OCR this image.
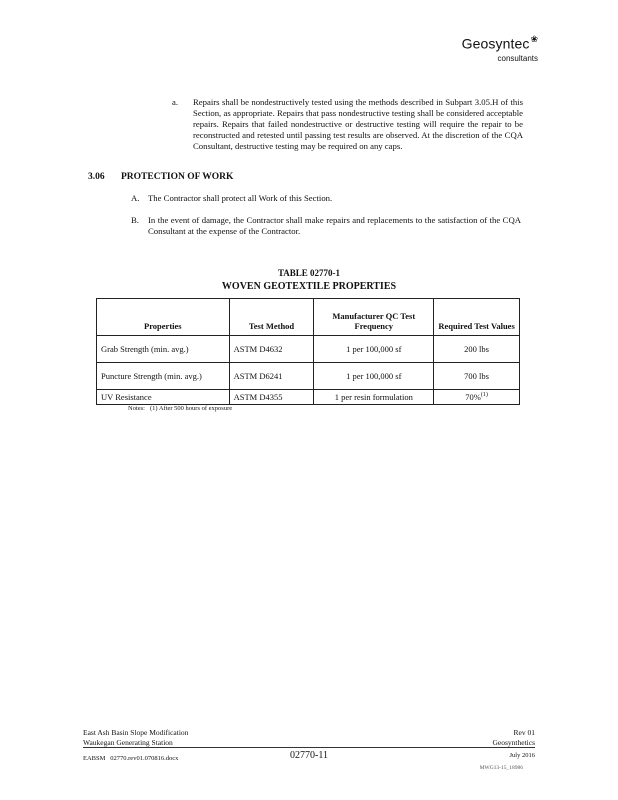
Geosyntec❀
consultants
a. Repairs shall be nondestructively tested using the methods described in Subpart 3.05.H of this Section, as appropriate. Repairs that pass nondestructive testing shall be considered acceptable repairs. Repairs that failed nondestructive or destructive testing will require the repair to be reconstructed and retested until passing test results are observed. At the discretion of the CQA Consultant, destructive testing may be required on any caps.
3.06 PROTECTION OF WORK
A. The Contractor shall protect all Work of this Section.
B. In the event of damage, the Contractor shall make repairs and replacements to the satisfaction of the CQA Consultant at the expense of the Contractor.
TABLE 02770-1
WOVEN GEOTEXTILE PROPERTIES
Properties	Test Method	Manufacturer QC Test Frequency	Required Test Values
Grab Strength (min. avg.)	ASTM D4632	1 per 100,000 sf	200 lbs
Puncture Strength (min. avg.)	ASTM D6241	1 per 100,000 sf	700 lbs
UV Resistance	ASTM D4355	1 per resin formulation	70%$^{(1)}$
Notes: (1) After 500 hours of exposure
East Ash Basin Slope Modification
Waukegan Generating Station
Rev 01
Geosynthetics
EABSM   02770.rev01.070816.docx	02770-11	July 2016
MWG13-15_18986
